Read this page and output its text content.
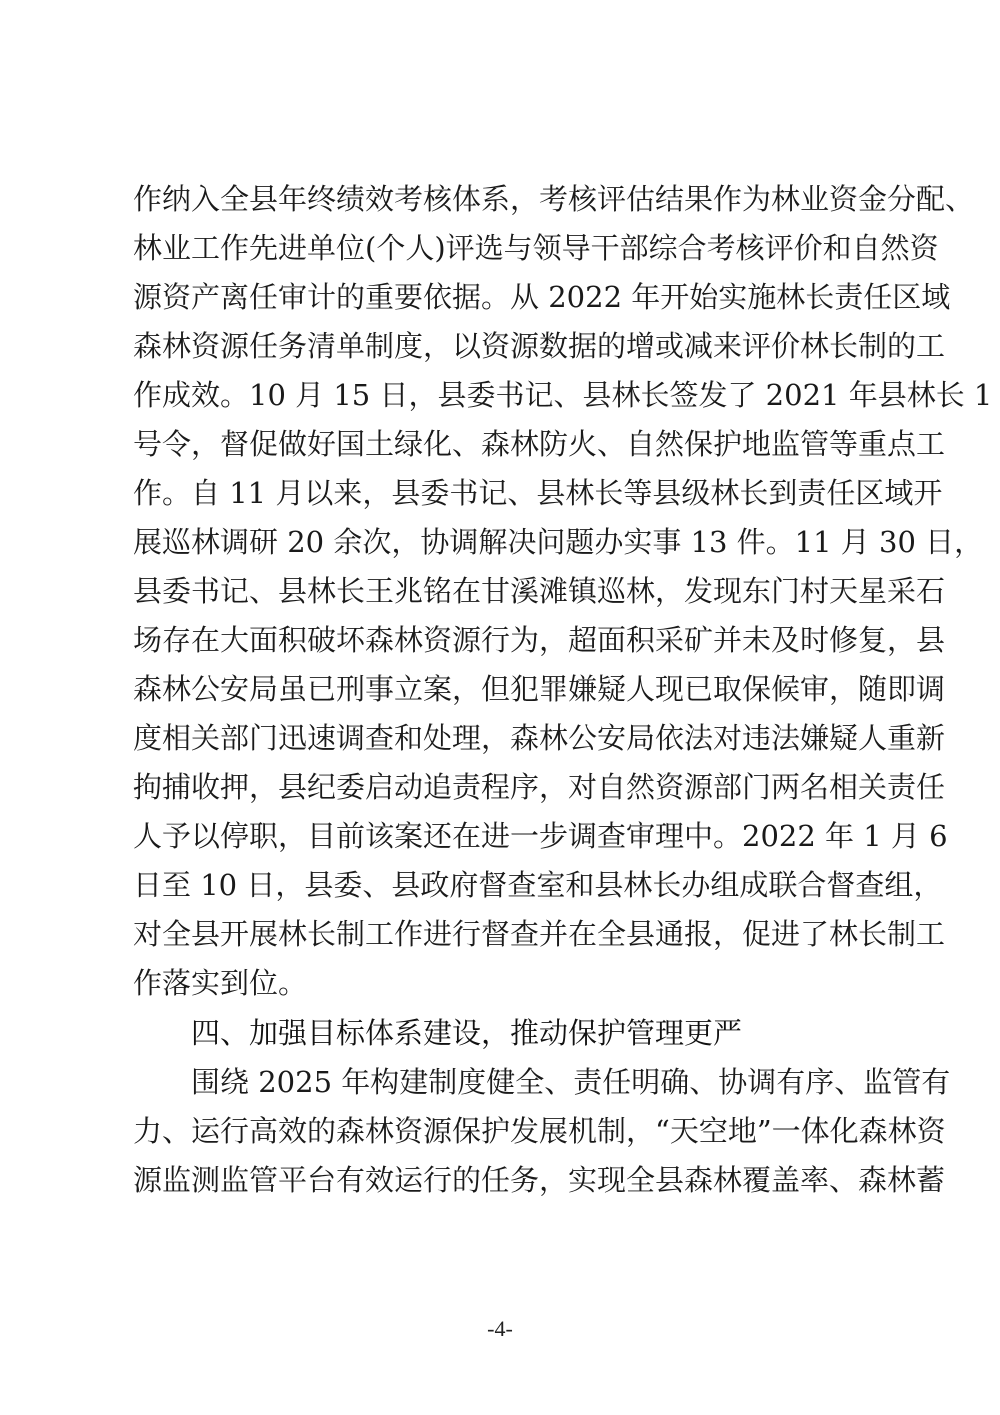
作纳入全县年终绩效考核体系，考核评估结果作为林业资金分配、
林业工作先进单位(个人)评选与领导干部综合考核评价和自然资
源资产离任审计的重要依据。从 2022 年开始实施林长责任区域
森林资源任务清单制度，以资源数据的增或减来评价林长制的工
作成效。10 月 15 日，县委书记、县林长签发了 2021 年县林长 1
号令，督促做好国土绿化、森林防火、自然保护地监管等重点工
作。自 11 月以来，县委书记、县林长等县级林长到责任区域开
展巡林调研 20 余次，协调解决问题办实事 13 件。11 月 30 日，
县委书记、县林长王兆铭在甘溪滩镇巡林，发现东门村天星采石
场存在大面积破坏森林资源行为，超面积采矿并未及时修复，县
森林公安局虽已刑事立案，但犯罪嫌疑人现已取保候审，随即调
度相关部门迅速调查和处理，森林公安局依法对违法嫌疑人重新
拘捕收押，县纪委启动追责程序，对自然资源部门两名相关责任
人予以停职，目前该案还在进一步调查审理中。2022 年 1 月 6
日至 10 日，县委、县政府督查室和县林长办组成联合督查组，
对全县开展林长制工作进行督查并在全县通报，促进了林长制工
作落实到位。
四、加强目标体系建设，推动保护管理更严
围绕 2025 年构建制度健全、责任明确、协调有序、监管有
力、运行高效的森林资源保护发展机制，“天空地”一体化森林资
源监测监管平台有效运行的任务，实现全县森林覆盖率、森林蓄
-4-
